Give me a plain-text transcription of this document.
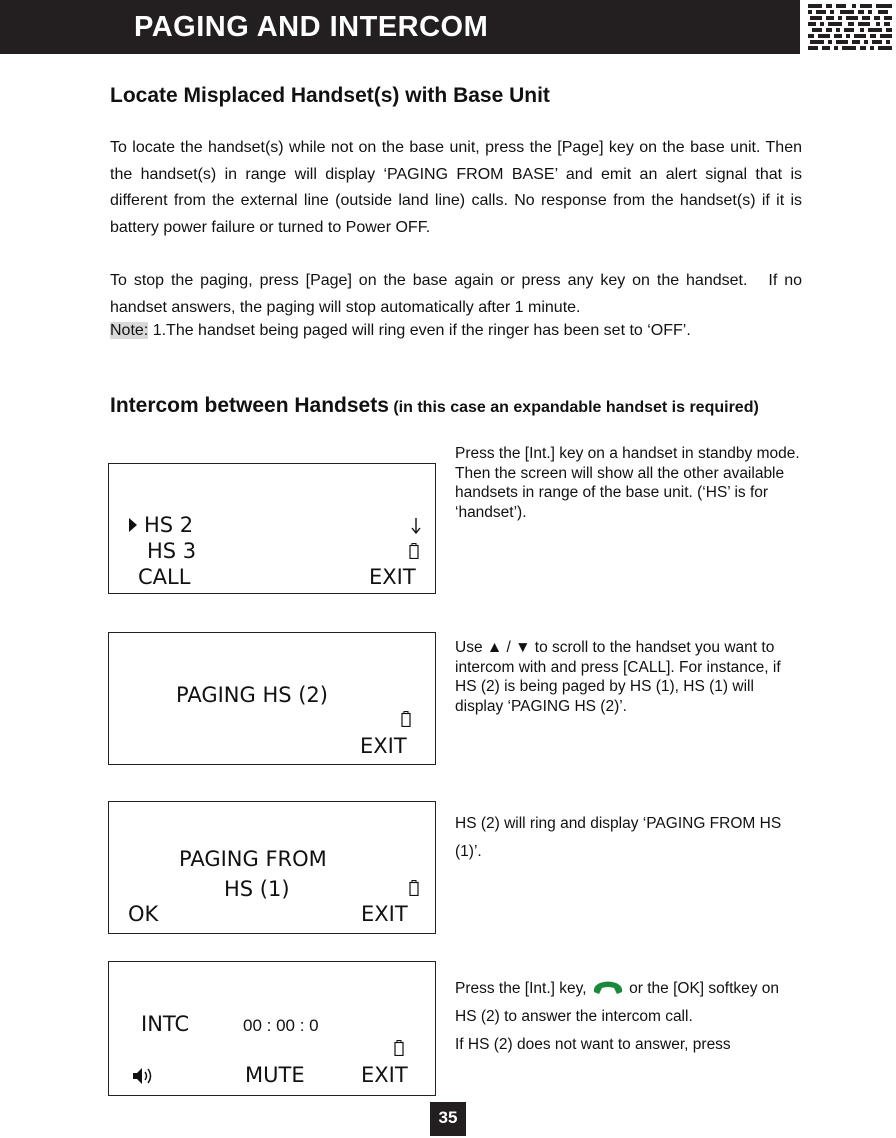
PAGING AND INTERCOM
Locate Misplaced Handset(s) with Base Unit
To locate the handset(s) while not on the base unit, press the [Page] key on the base unit. Then the handset(s) in range will display ‘PAGING FROM BASE’ and emit an alert signal that is different from the external line (outside land line) calls. No response from the handset(s) if it is battery power failure or turned to Power OFF.
To stop the paging, press [Page] on the base again or press any key on the handset.　If no handset answers, the paging will stop automatically after 1 minute.
Note: 1.The handset being paged will ring even if the ringer has been set to ‘OFF’.
Intercom between Handsets (in this case an expandable handset is required)
HS 2
HS 3
CALL	EXIT
PAGING HS (2)
EXIT
PAGING FROM
HS (1)
OK	EXIT
INTC	00 : 00 : 0
MUTE	EXIT
Press the [Int.] key on a handset in standby mode.
Then the screen will show all the other available handsets in range of the base unit. (‘HS’ is for ‘handset’).
Use ▲ / ▼ to scroll to the handset you want to intercom with and press [CALL]. For instance, if HS (2) is being paged by HS (1), HS (1) will display ‘PAGING HS (2)’.
HS (2) will ring and display ‘PAGING FROM HS (1)’.
Press the [Int.] key,  or the [OK] softkey on HS (2) to answer the intercom call.
If HS (2) does not want to answer, press
35
